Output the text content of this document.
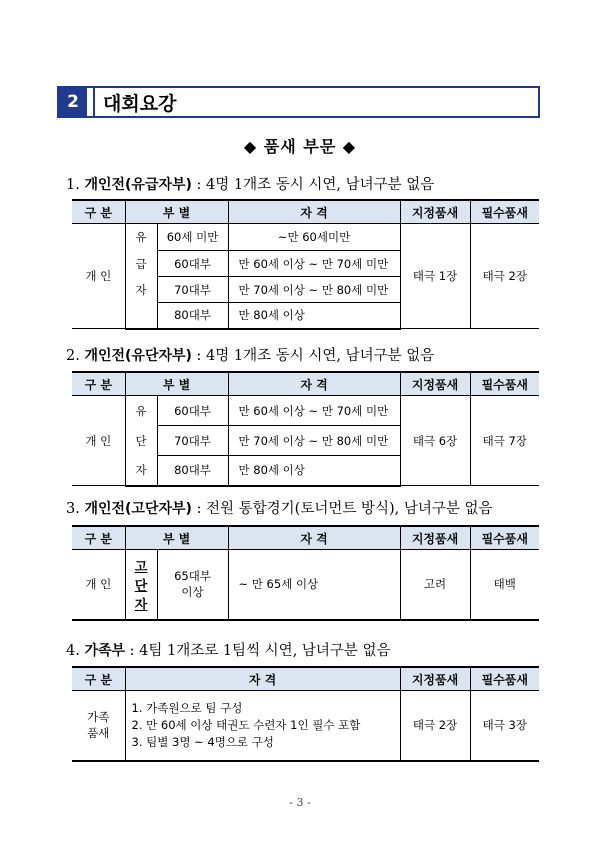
2	대회요강
◆ 품새 부문 ◆
1. 개인전(유급자부) : 4명 1개조 동시 시연, 남녀구분 없음
구 분	부 별		자 격	지정품새	필수품새
개 인	유	60세 미만	~만 60세미만	태극 1장	태극 2장
	급	60대부	만 60세 이상 ~ 만 70세 미만		
	자	70대부	만 70세 이상 ~ 만 80세 미만		
		80대부	만 80세 이상		
2. 개인전(유단자부) : 4명 1개조 동시 시연, 남녀구분 없음
구 분	부 별		자 격	지정품새	필수품새
개 인	유	60대부	만 60세 이상 ~ 만 70세 미만	태극 6장	태극 7장
	단	70대부	만 70세 이상 ~ 만 80세 미만		
	자	80대부	만 80세 이상		
3. 개인전(고단자부) : 전원 통합경기(토너먼트 방식), 남녀구분 없음
구 분	부 별		자 격	지정품새	필수품새
개 인	고
단
자	65대부
이상	~ 만 65세 이상	고려	태백
4. 가족부 : 4팀 1개조로 1팀씩 시연, 남녀구분 없음
구 분	자 격	지정품새	필수품새

가족
품새	1. 가족원으로 팀 구성
2. 만 60세 이상 태권도 수련자 1인 필수 포함
3. 팀별 3명 ~ 4명으로 구성	태극 2장	태극 3장
- 3 -
